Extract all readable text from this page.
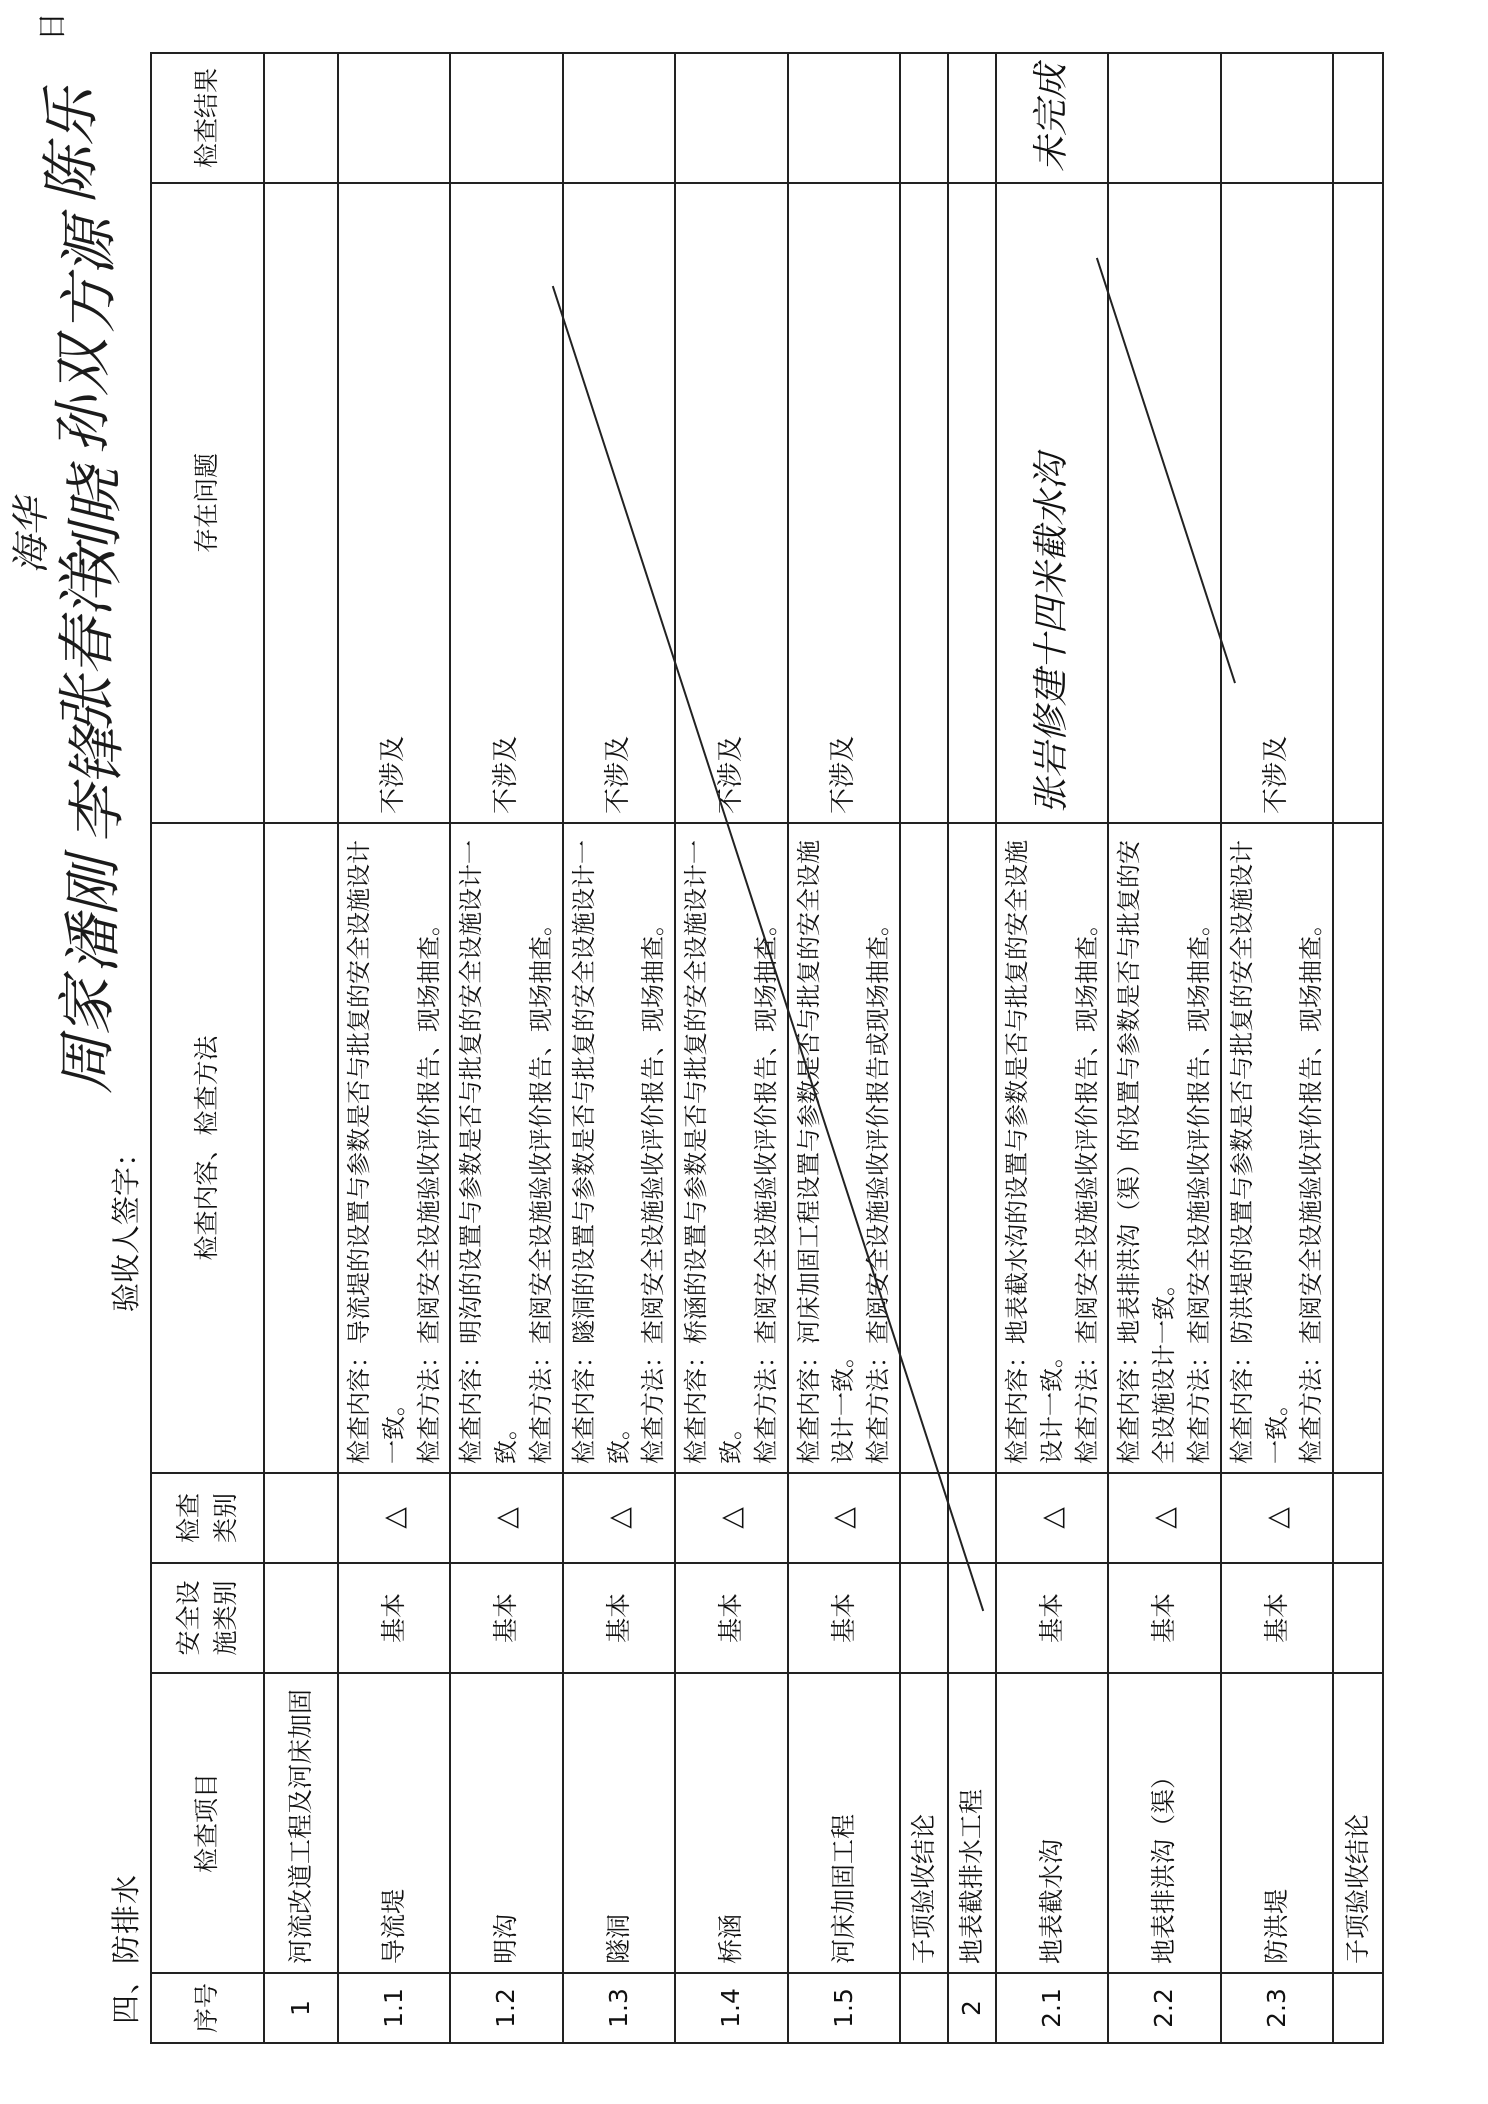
四、防排水
验收人签字：
周家
潘刚
李锋
张春洋
刘晓
孙双
方源
陈乐
海华
日
序号	检查项目	安全设施类别	检查类别	检查内容、检查方法	存在问题	检查结果
1	河流改道工程及河床加固					
1.1	导流堤	基本	△	检查内容：导流堤的设置与参数是否与批复的安全设施设计一致。 检查方法：查阅安全设施验收评价报告、现场抽查。	不涉及	
1.2	明沟	基本	△	检查内容：明沟的设置与参数是否与批复的安全设施设计一致。 检查方法：查阅安全设施验收评价报告、现场抽查。	不涉及	
1.3	隧洞	基本	△	检查内容：隧洞的设置与参数是否与批复的安全设施设计一致。 检查方法：查阅安全设施验收评价报告、现场抽查。	不涉及	
1.4	桥涵	基本	△	检查内容：桥涵的设置与参数是否与批复的安全设施设计一致。 检查方法：查阅安全设施验收评价报告、现场抽查。	不涉及	
1.5	河床加固工程	基本	△	检查内容：河床加固工程设置与参数是否与批复的安全设施设计一致。 检查方法：查阅安全设施验收评价报告或现场抽查。	不涉及	
	子项验收结论					
2	地表截排水工程					
2.1	地表截水沟	基本	△	检查内容：地表截水沟的设置与参数是否与批复的安全设施设计一致。 检查方法：查阅安全设施验收评价报告、现场抽查。	张岩修建十四米截水沟	未完成
2.2	地表排洪沟（渠）	基本	△	检查内容：地表排洪沟（渠）的设置与参数是否与批复的安全设施设计一致。 检查方法：查阅安全设施验收评价报告、现场抽查。		

2.3	防洪堤	基本	△	检查内容：防洪堤的设置与参数是否与批复的安全设施设计一致。 检查方法：查阅安全设施验收评价报告、现场抽查。	不涉及	
	子项验收结论					
